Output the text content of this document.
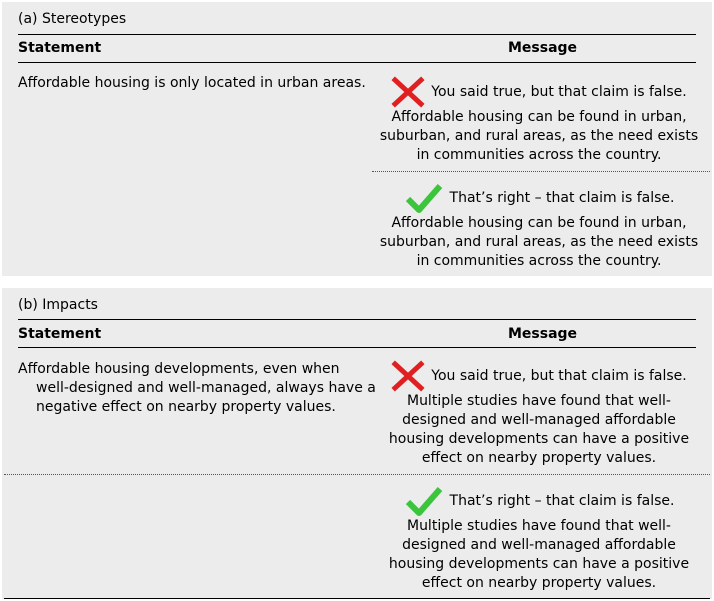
(a) Stereotypes
Statement	Message
Affordable housing is only located in urban areas.
You said true, but that claim is false.
Affordable housing can be found in urban,
suburban, and rural areas, as the need exists
in communities across the country.
That’s right – that claim is false.
Affordable housing can be found in urban,
suburban, and rural areas, as the need exists
in communities across the country.
(b) Impacts
Statement	Message
Affordable housing developments, even when
well-designed and well-managed, always have a
negative effect on nearby property values.
You said true, but that claim is false.
Multiple studies have found that well-
designed and well-managed affordable
housing developments can have a positive
effect on nearby property values.
That’s right – that claim is false.
Multiple studies have found that well-
designed and well-managed affordable
housing developments can have a positive
effect on nearby property values.
